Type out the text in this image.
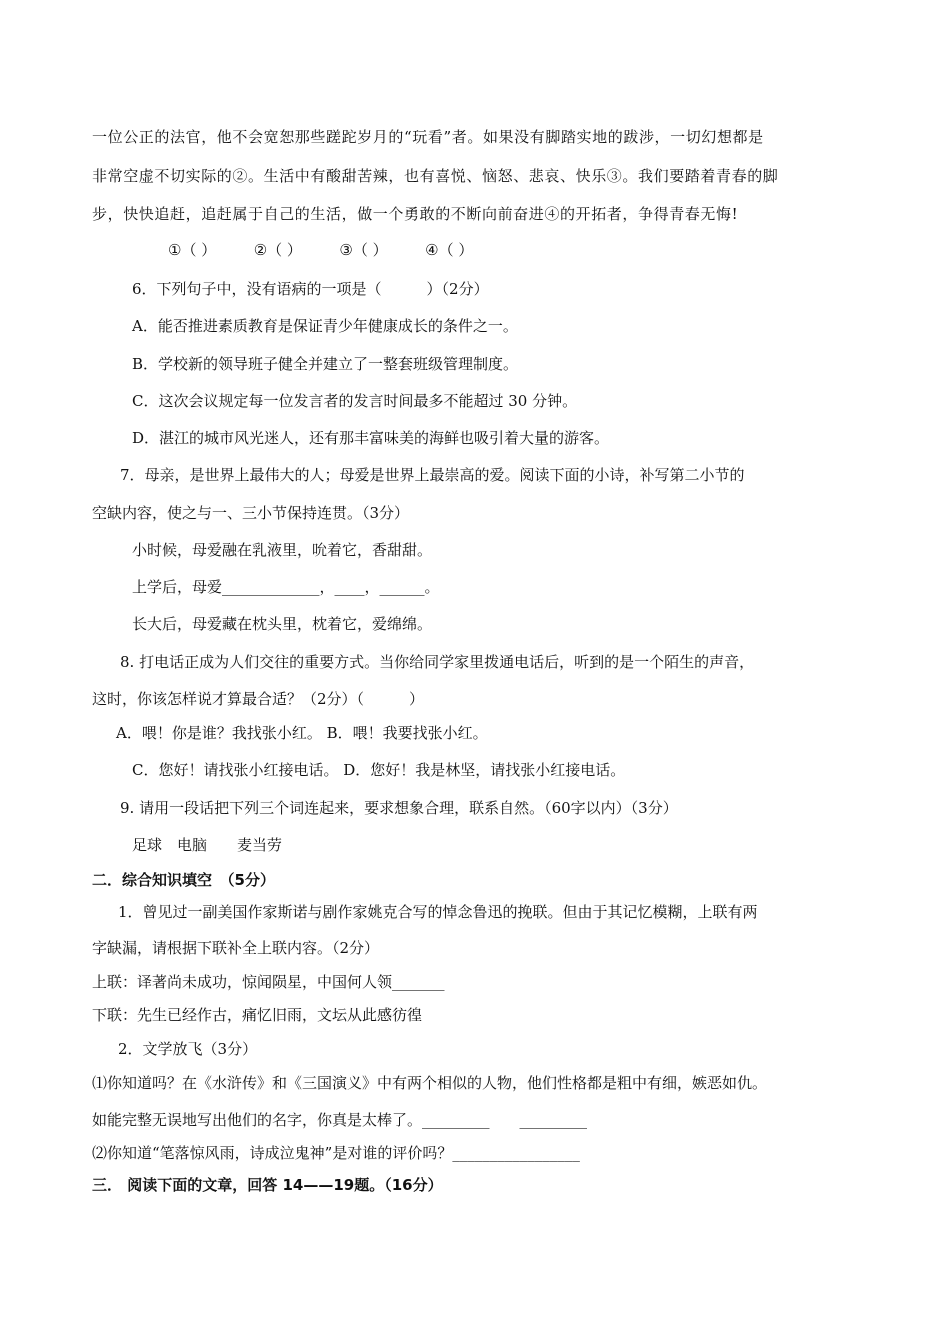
一位公正的法官，他不会宽恕那些蹉跎岁月的“玩看”者。如果没有脚踏实地的跋涉，一切幻想都是
非常空虚不切实际的②。生活中有酸甜苦辣，也有喜悦、恼怒、悲哀、快乐③。我们要踏着青春的脚
步，快快追赶，追赶属于自己的生活，做一个勇敢的不断向前奋进④的开拓者，争得青春无悔!
①（ ）　　　②（ ）　　　③（ ）　　　④（ ）
6．下列句子中，没有语病的一项是（　　　）（2分）
A．能否推进素质教育是保证青少年健康成长的条件之一。
B．学校新的领导班子健全并建立了一整套班级管理制度。
C．这次会议规定每一位发言者的发言时间最多不能超过 30 分钟。
D．湛江的城市风光迷人，还有那丰富味美的海鲜也吸引着大量的游客。
7．母亲，是世界上最伟大的人；母爱是世界上最崇高的爱。阅读下面的小诗，补写第二小节的
空缺内容，使之与一、三小节保持连贯。（3分）
小时候，母爱融在乳液里，吮着它，香甜甜。
上学后，母爱_____________，____，______。
长大后，母爱藏在枕头里，枕着它，爱绵绵。
8. 打电话正成为人们交往的重要方式。当你给同学家里拨通电话后，听到的是一个陌生的声音，
这时，你该怎样说才算最合适？（2分）（　　　）
A．喂！你是谁？我找张小红。 B．喂！我要找张小红。
C．您好！请找张小红接电话。 D．您好！我是林坚，请找张小红接电话。
9. 请用一段话把下列三个词连起来，要求想象合理，联系自然。（60字以内）（3分）
足球　电脑　　麦当劳
二．综合知识填空　（5分）
1．曾见过一副美国作家斯诺与剧作家姚克合写的悼念鲁迅的挽联。但由于其记忆模糊，上联有两
字缺漏，请根据下联补全上联内容。（2分）
上联：译著尚未成功，惊闻陨星，中国何人领_______
下联：先生已经作古，痛忆旧雨，文坛从此感彷徨
2．文学放飞（3分）
⑴你知道吗？在《水浒传》和《三国演义》中有两个相似的人物，他们性格都是粗中有细，嫉恶如仇。
如能完整无误地写出他们的名字，你真是太棒了。_________　　_________
⑵你知道“笔落惊风雨，诗成泣鬼神”是对谁的评价吗？_________________
三． 阅读下面的文章，回答 14——19题。（16分）
